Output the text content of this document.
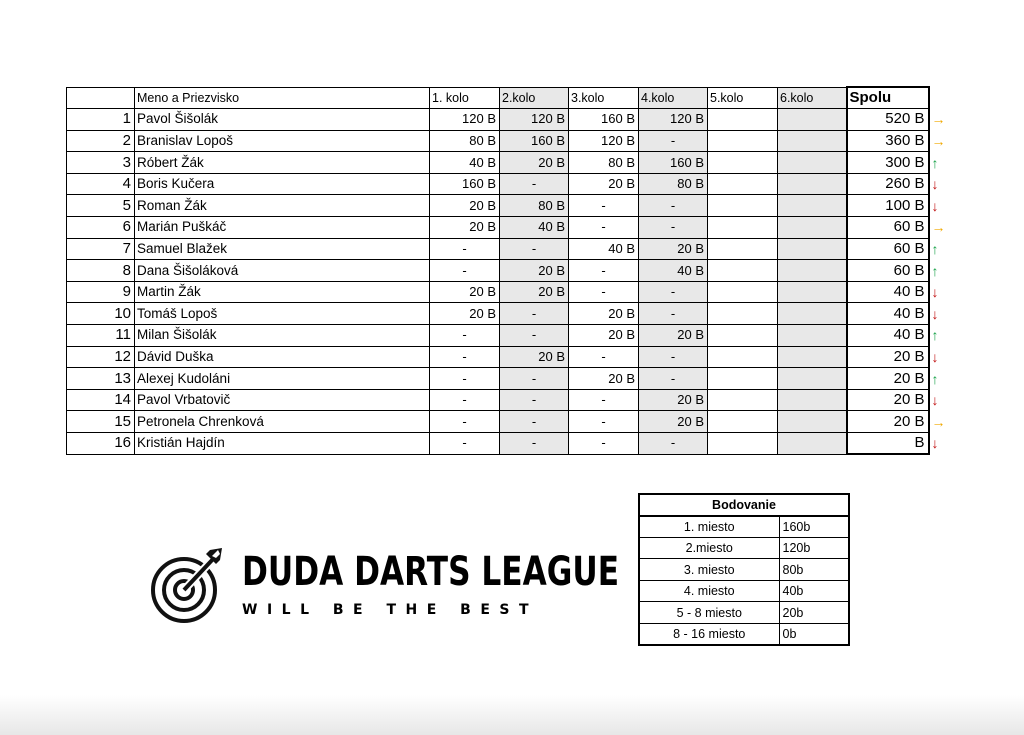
	Meno a Priezvisko	1. kolo	2.kolo	3.kolo	4.kolo	5.kolo	6.kolo	Spolu	
1	Pavol Šišolák	120 B	120 B	160 B	120 B			520 B	→
2	Branislav Lopoš	80 B	160 B	120 B	-			360 B	→
3	Róbert Žák	40 B	20 B	80 B	160 B			300 B	↑
4	Boris Kučera	160 B	-	20 B	80 B			260 B	↓
5	Roman Žák	20 B	80 B	-	-			100 B	↓
6	Marián Puškáč	20 B	40 B	-	-			60 B	→
7	Samuel Blažek	-	-	40 B	20 B			60 B	↑
8	Dana Šišoláková	-	20 B	-	40 B			60 B	↑
9	Martin Žák	20 B	20 B	-	-			40 B	↓
10	Tomáš Lopoš	20 B	-	20 B	-			40 B	↓
11	Milan Šišolák	-	-	20 B	20 B			40 B	↑
12	Dávid Duška	-	20 B	-	-			20 B	↓
13	Alexej Kudoláni	-	-	20 B	-			20 B	↑
14	Pavol Vrbatovič	-	-	-	20 B			20 B	↓
15	Petronela Chrenková	-	-	-	20 B			20 B	→
16	Kristián Hajdín	-	-	-	-			B	↓
DUDA DARTS LEAGUE
WILL BE THE BEST
Bodovanie	
1. miesto	160b
2.miesto	120b
3. miesto	80b
4. miesto	40b
5 - 8 miesto	20b
8 - 16 miesto	0b
